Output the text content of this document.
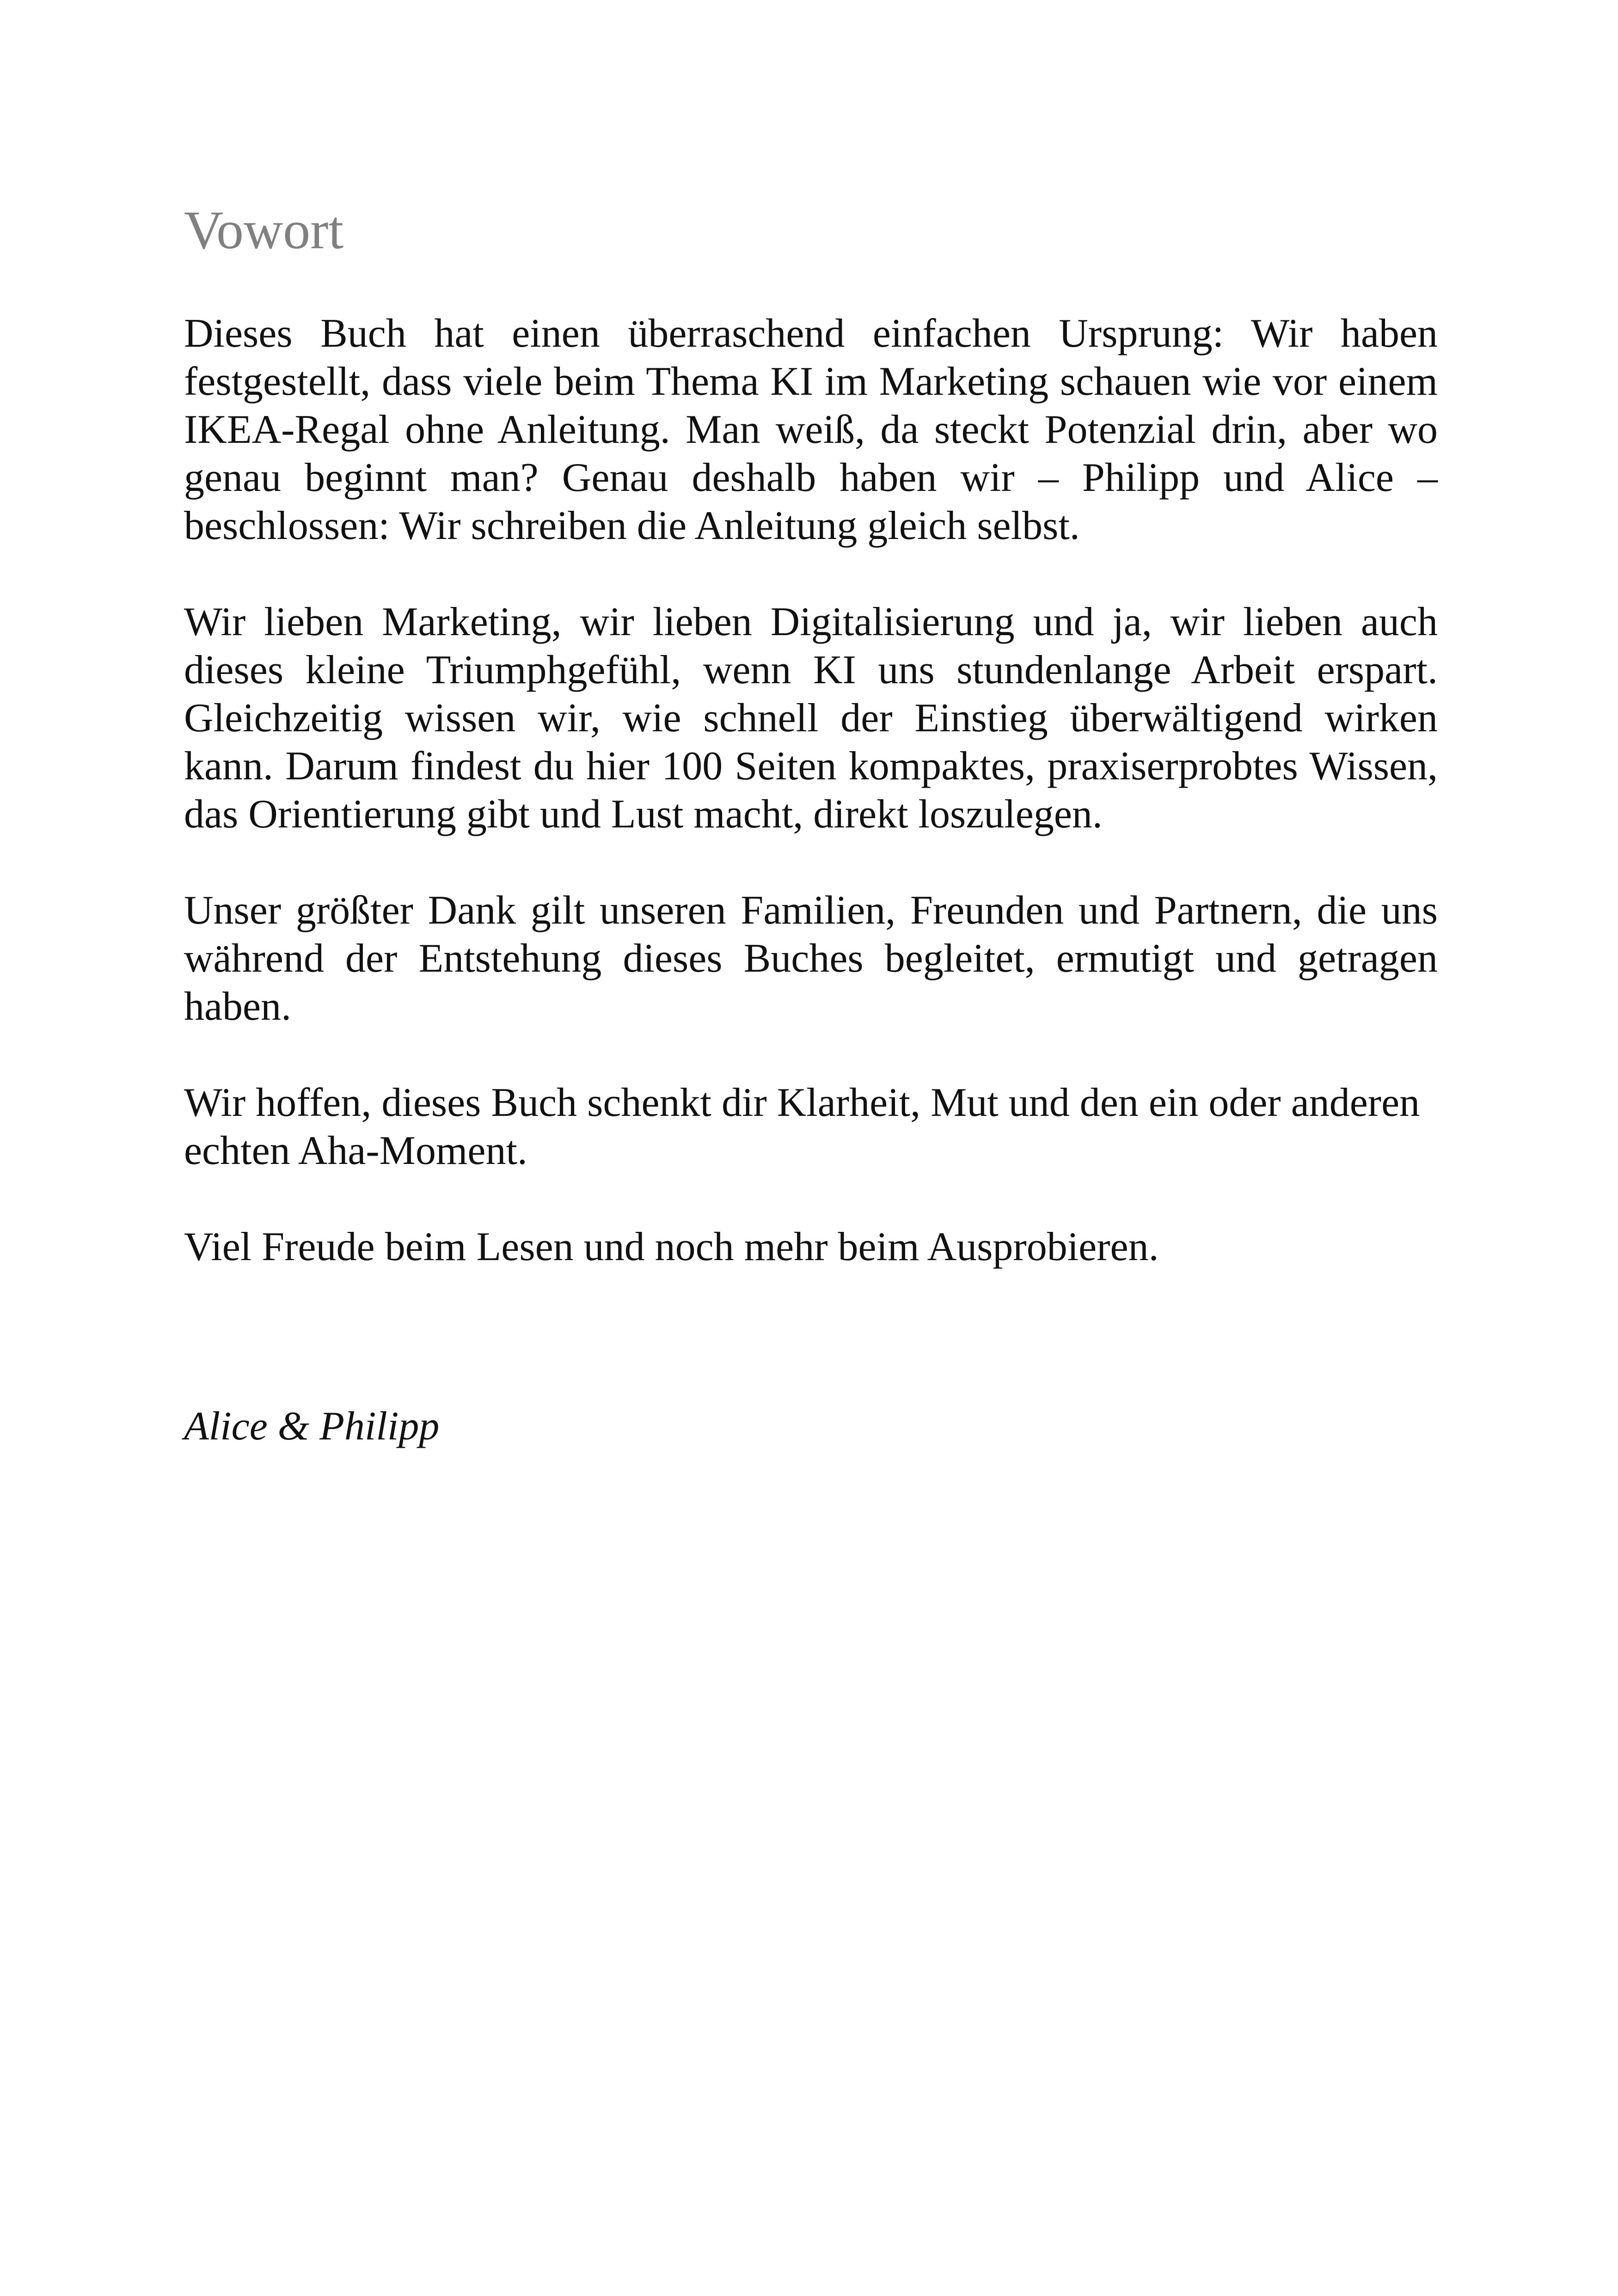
Vowort

Dieses Buch hat einen überraschend einfachen Ursprung: Wir haben festgestellt, dass viele beim Thema KI im Marketing schauen wie vor einem IKEA-Regal ohne Anleitung. Man weiß, da steckt Potenzial drin, aber wo genau beginnt man? Genau deshalb haben wir – Philipp und Alice – beschlossen: Wir schreiben die Anleitung gleich selbst.

Wir lieben Marketing, wir lieben Digitalisierung und ja, wir lieben auch dieses kleine Triumphgefühl, wenn KI uns stundenlange Arbeit erspart. Gleichzeitig wissen wir, wie schnell der Einstieg überwältigend wirken kann. Darum findest du hier 100 Seiten kompaktes, praxiserprobtes Wissen, das Orientierung gibt und Lust macht, direkt loszulegen.

Unser größter Dank gilt unseren Familien, Freunden und Partnern, die uns während der Entstehung dieses Buches begleitet, ermutigt und getragen haben.

Wir hoffen, dieses Buch schenkt dir Klarheit, Mut und den ein oder anderen echten Aha-Moment.

Viel Freude beim Lesen und noch mehr beim Ausprobieren.

Alice & Philipp
